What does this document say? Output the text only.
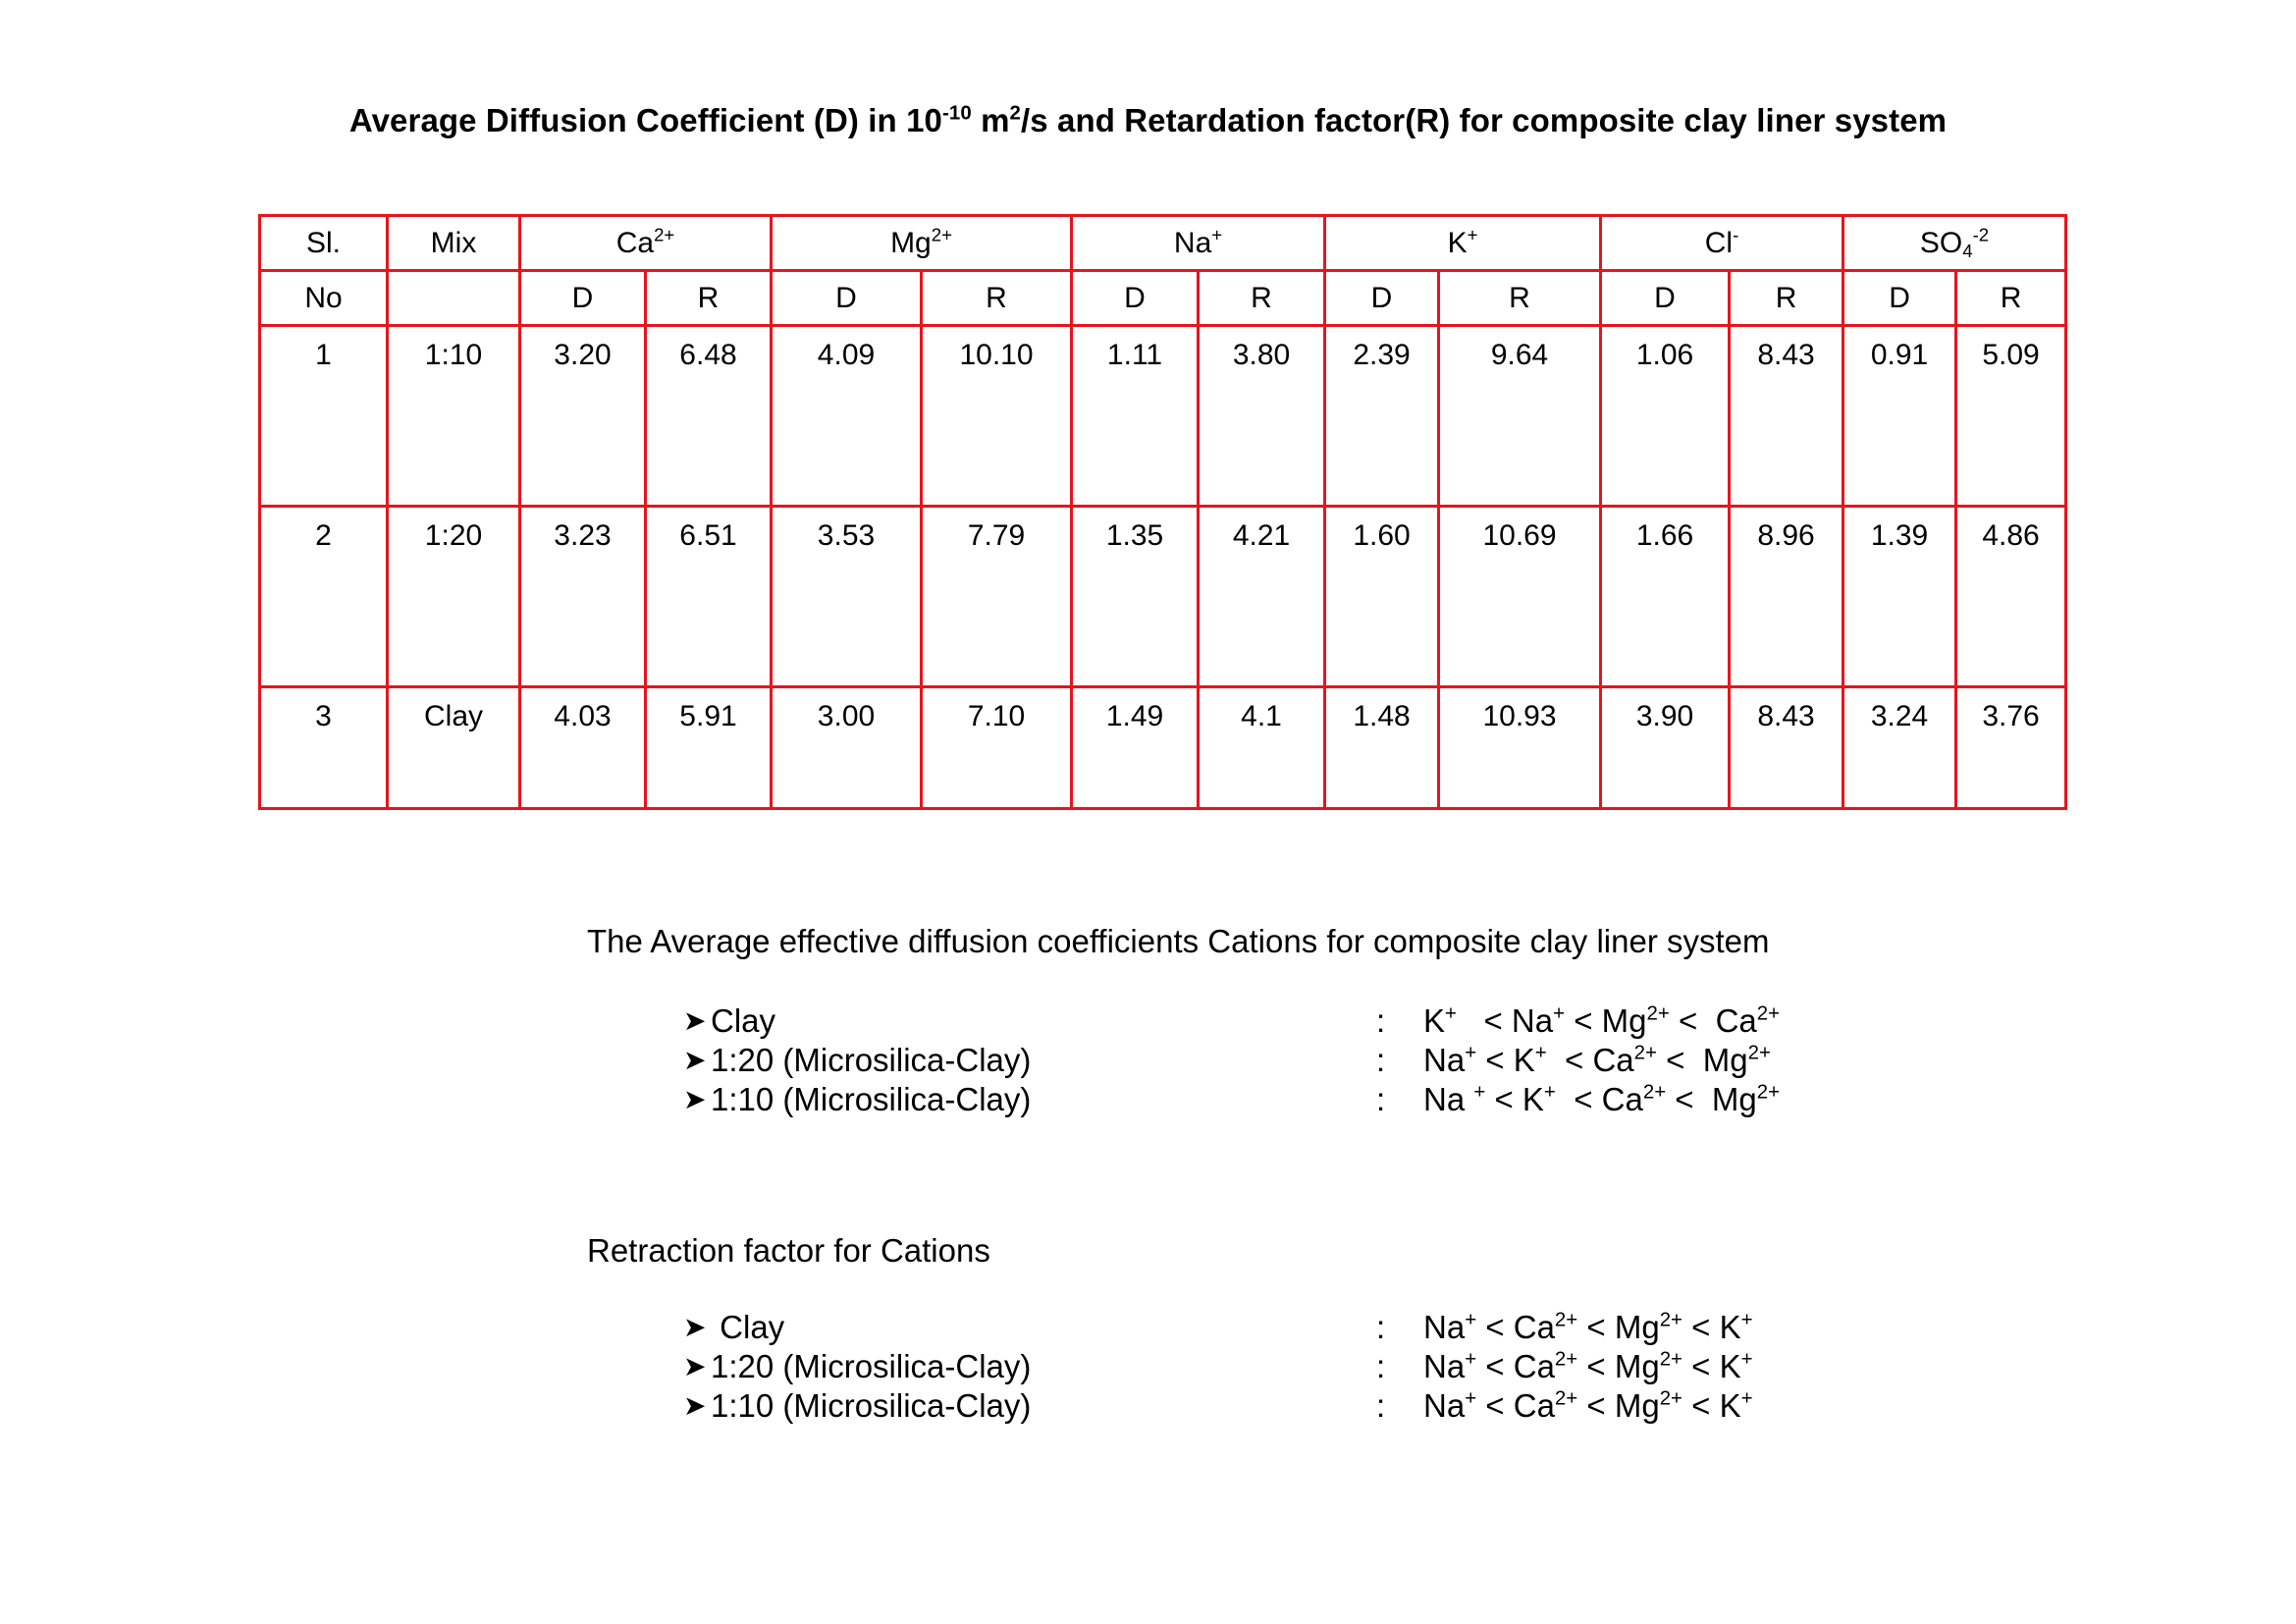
Average Diffusion Coefficient (D) in $10^{-10}$ $m^2/s$ and Retardation factor(R) for composite clay liner system
Sl.	Mix	$Ca^{2+}$		$Mg^{2+}$		Na+		K+		Cl-		$SO_4^{-2}$
No		D	R	D	R	D	R	D	R	D	R	D	R
1	1:10	3.20	6.48	4.09	10.10	1.11	3.80	2.39	9.64	1.06	8.43	0.91	5.09
2	1:20	3.23	6.51	3.53	7.79	1.35	4.21	1.60	10.69	1.66	8.96	1.39	4.86
3	Clay	4.03	5.91	3.00	7.10	1.49	4.1	1.48	10.93	3.90	8.43	3.24	3.76
The Average effective diffusion coefficients Cations for composite clay liner system
➤ Clay	: $K^+ < Na^+ < Mg^{2+} < Ca^{2+}$
➤ 1:20 (Microsilica-Clay)	: $Na^+ < K^+ < Ca^{2+} < Mg^{2+}$
➤ 1:10 (Microsilica-Clay)	: Na $^+ < K^+ < Ca^{2+} < Mg^{2+}$
Retraction factor for Cations
➤ Clay	: $Na^+ < Ca^{2+} < Mg^{2+} < K^+$
➤ 1:20 (Microsilica-Clay)	: $Na^+ < Ca^{2+} < Mg^{2+} < K^+$
➤ 1:10 (Microsilica-Clay)	: $Na^+ < Ca^{2+} < Mg^{2+} < K^+$
